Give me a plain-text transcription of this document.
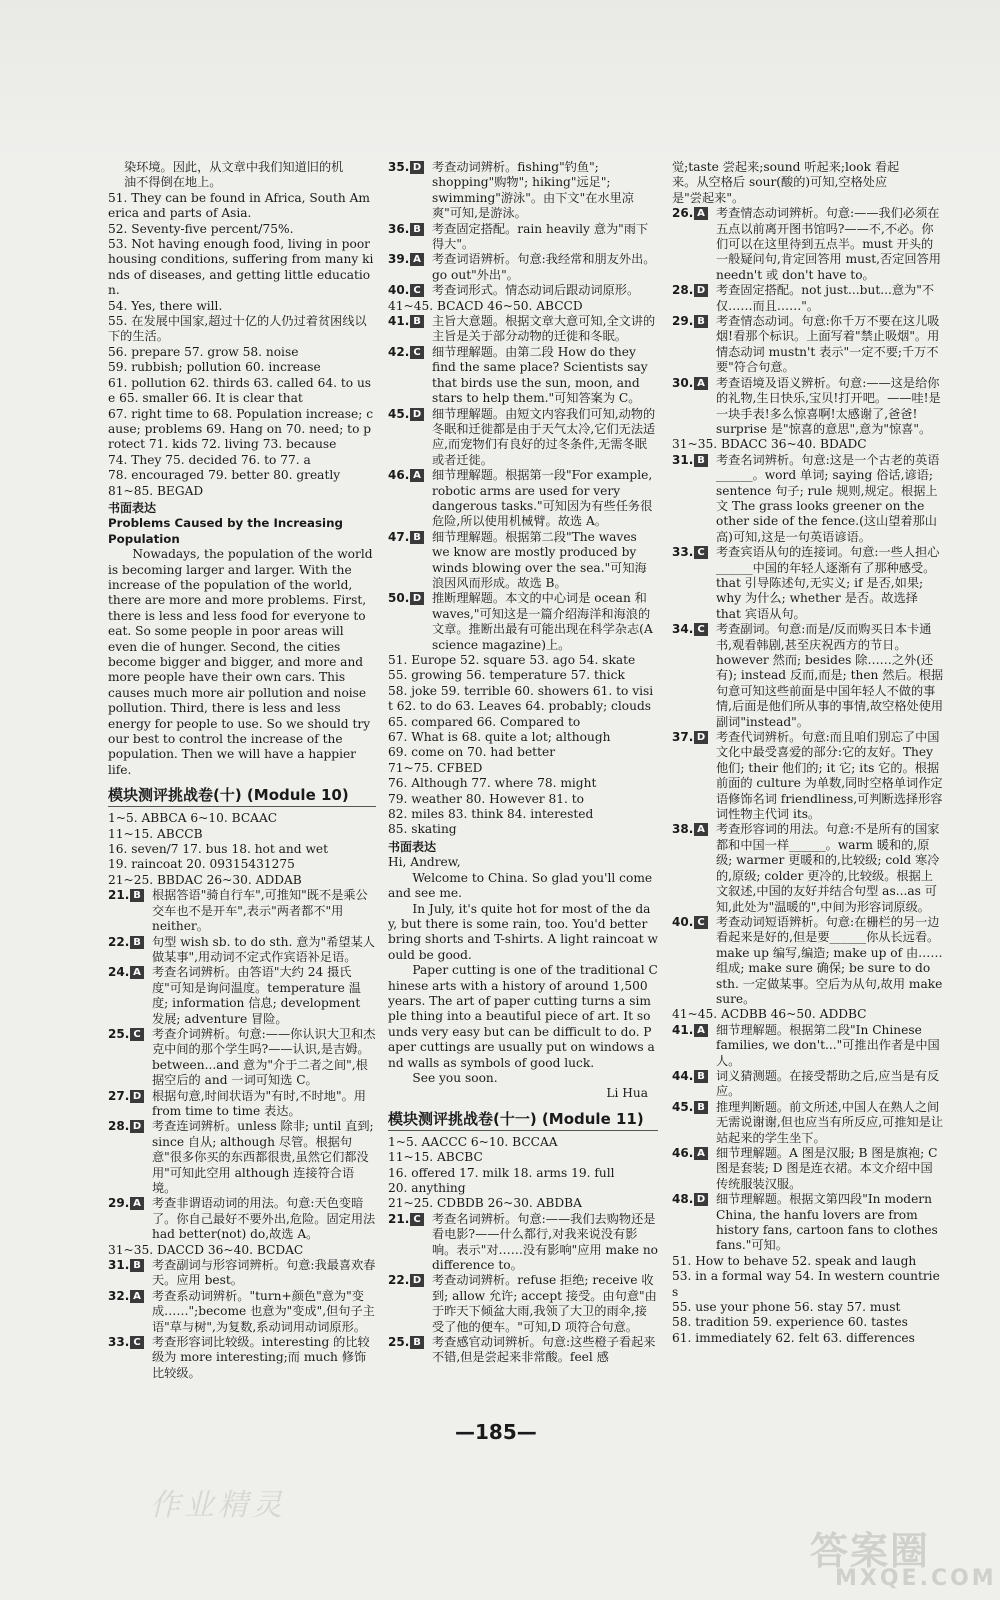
染环境。因此，从文章中我们知道旧的机
油不得倒在地上。
51. They can be found in Africa, South America and parts of Asia.
52. Seventy-five percent/75%.
53. Not having enough food, living in poor housing conditions, suffering from many kinds of diseases, and getting little education.
54. Yes, there will.
55. 在发展中国家,超过十亿的人仍过着贫困线以下的生活。
56. prepare 57. grow 58. noise
59. rubbish; pollution 60. increase
61. pollution 62. thirds 63. called 64. to use 65. smaller 66. It is clear that
67. right time to 68. Population increase; cause; problems 69. Hang on 70. need; to protect 71. kids 72. living 73. because
74. They 75. decided 76. to 77. a
78. encouraged 79. better 80. greatly
81~85. BEGAD
书面表达
Problems Caused by the Increasing Population
Nowadays, the population of the world is becoming larger and larger. With the increase of the population of the world, there are more and more problems. First, there is less and less food for everyone to eat. So some people in poor areas will even die of hunger. Second, the cities become bigger and bigger, and more and more people have their own cars. This causes much more air pollution and noise pollution. Third, there is less and less energy for people to use. So we should try our best to control the increase of the population. Then we will have a happier life.
模块测评挑战卷(十) (Module 10)
1~5. ABBCA 6~10. BCAAC
11~15. ABCCB
16. seven/7 17. bus 18. hot and wet
19. raincoat 20. 09315431275
21~25. BBDAC 26~30. ADDAB
21. B 根据答语"骑自行车",可推知"既不是乘公交车也不是开车",表示"两者都不"用 neither。
22. B 句型 wish sb. to do sth. 意为"希望某人做某事",用动词不定式作宾语补足语。
24. A 考查名词辨析。由答语"大约 24 摄氏度"可知是询问温度。temperature 温度; information 信息; development 发展; adventure 冒险。
25. C 考查介词辨析。句意:——你认识大卫和杰克中间的那个学生吗?——认识,是吉姆。between...and 意为"介于二者之间",根据空后的 and 一词可知选 C。
27. D 根据句意,时间状语为"有时,不时地"。用 from time to time 表达。
28. D 考查连词辨析。unless 除非; until 直到; since 自从; although 尽管。根据句意"很多你买的东西都很贵,虽然它们都没用"可知此空用 although 连接符合语境。
29. A 考查非谓语动词的用法。句意:天色变暗了。你自己最好不要外出,危险。固定用法 had better(not) do,故选 A。
31~35. DACCD 36~40. BCDAC
31. B 考查副词与形容词辨析。句意:我最喜欢春天。应用 best。
32. A 考查系动词辨析。"turn+颜色"意为"变成……";become 也意为"变成",但句子主语"草与树",为复数,系动词用动词原形。
33. C 考查形容词比较级。interesting 的比较级为 more interesting;而 much 修饰比较级。
35. D 考查动词辨析。fishing"钓鱼"; shopping"购物"; hiking"远足"; swimming"游泳"。由下文"在水里凉爽"可知,是游泳。
36. B 考查固定搭配。rain heavily 意为"雨下得大"。
39. A 考查词语辨析。句意:我经常和朋友外出。go out"外出"。
40. C 考查词形式。情态动词后跟动词原形。
41~45. BCACD 46~50. ABCCD
41. B 主旨大意题。根据文章大意可知,全文讲的主旨是关于部分动物的迁徙和冬眠。
42. C 细节理解题。由第二段 How do they find the same place? Scientists say that birds use the sun, moon, and stars to help them."可知答案为 C。
45. D 细节理解题。由短文内容我们可知,动物的冬眠和迁徙都是由于天气太冷,它们无法适应,而宠物们有良好的过冬条件,无需冬眠或者迁徙。
46. A 细节理解题。根据第一段"For example, robotic arms are used for very dangerous tasks."可知因为有些任务很危险,所以使用机械臂。故选 A。
47. B 细节理解题。根据第二段"The waves we know are mostly produced by winds blowing over the sea."可知海浪因风而形成。故选 B。
50. D 推断理解题。本文的中心词是 ocean 和 waves,"可知这是一篇介绍海洋和海浪的文章。推断出最有可能出现在科学杂志(A science magazine)上。
51. Europe 52. square 53. ago 54. skate
55. growing 56. temperature 57. thick
58. joke 59. terrible 60. showers 61. to visit 62. to do 63. Leaves 64. probably; clouds 65. compared 66. Compared to
67. What is 68. quite a lot; although
69. come on 70. had better
71~75. CFBED
76. Although 77. where 78. might
79. weather 80. However 81. to
82. miles 83. think 84. interested
85. skating
书面表达
Hi, Andrew,
Welcome to China. So glad you'll come and see me.
In July, it's quite hot for most of the day, but there is some rain, too. You'd better bring shorts and T-shirts. A light raincoat would be good.
Paper cutting is one of the traditional Chinese arts with a history of around 1,500 years. The art of paper cutting turns a simple thing into a beautiful piece of art. It sounds very easy but can be difficult to do. Paper cuttings are usually put on windows and walls as symbols of good luck.
See you soon.
Li Hua
模块测评挑战卷(十一) (Module 11)
1~5. AACCC 6~10. BCCAA
11~15. ABCBC
16. offered 17. milk 18. arms 19. full
20. anything
21~25. CDBDB 26~30. ABDBA
21. C 考查名词辨析。句意:——我们去购物还是看电影?——什么都行,对我来说没有影响。表示"对……没有影响"应用 make no difference to。
22. D 考查动词辨析。refuse 拒绝; receive 收到; allow 允许; accept 接受。由句意"由于昨天下倾盆大雨,我领了大卫的雨伞,接受了他的便车。"可知,D 项符合句意。
25. B 考查感官动词辨析。句意:这些橙子看起来不错,但是尝起来非常酸。feel 感
觉;taste 尝起来;sound 听起来;look 看起
来。从空格后 sour(酸的)可知,空格处应
是"尝起来"。
26. A 考查情态动词辨析。句意:——我们必须在五点以前离开图书馆吗?——不,不必。你们可以在这里待到五点半。must 开头的一般疑问句,肯定回答用 must,否定回答用 needn't 或 don't have to。
28. D 考查固定搭配。not just...but...意为"不仅……而且……"。
29. B 考查情态动词。句意:你千万不要在这儿吸烟!看那个标识。上面写着"禁止吸烟"。用情态动词 mustn't 表示"一定不要;千万不要"符合句意。
30. A 考查语境及语义辨析。句意:——这是给你的礼物,生日快乐,宝贝!打开吧。——哇!是一块手表!多么惊喜啊!太感谢了,爸爸! surprise 是"惊喜的意思",意为"惊喜"。
31~35. BDACC 36~40. BDADC
31. B 考查名词辨析。句意:这是一个古老的英语______。word 单词; saying 俗话,谚语; sentence 句子; rule 规则,规定。根据上文 The grass looks greener on the other side of the fence.(这山望着那山高)可知,这是一句英语谚语。
33. C 考查宾语从句的连接词。句意:一些人担心______中国的年轻人逐渐有了那种感受。that 引导陈述句,无实义; if 是否,如果; why 为什么; whether 是否。故选择 that 宾语从句。
34. C 考查副词。句意:而是/反而购买日本卡通书,观看韩剧,甚至庆祝西方的节日。however 然而; besides 除……之外(还有); instead 反而,而是; then 然后。根据句意可知这些前面是中国年轻人不做的事情,后面是他们所从事的事情,故空格处使用副词"instead"。
37. D 考查代词辨析。句意:而且咱们别忘了中国文化中最受喜爱的部分:它的友好。They 他们; their 他们的; it 它; its 它的。根据前面的 culture 为单数,同时空格单词作定语修饰名词 friendliness,可判断选择形容词性物主代词 its。
38. A 考查形容词的用法。句意:不是所有的国家都和中国一样______。warm 暖和的,原级; warmer 更暖和的,比较级; cold 寒冷的,原级; colder 更冷的,比较级。根据上文叙述,中国的友好并结合句型 as...as 可知,此处为"温暖的",中间为形容词原级。
40. C 考查动词短语辨析。句意:在栅栏的另一边看起来是好的,但是要______你从长远看。make up 编写,编造; make up of 由……组成; make sure 确保; be sure to do sth. 一定做某事。空后为从句,故用 make sure。
41~45. ACDBB 46~50. ADDBC
41. A 细节理解题。根据第二段"In Chinese families, we don't..."可推出作者是中国人。
44. B 词义猜测题。在接受帮助之后,应当是有反应。
45. B 推理判断题。前文所述,中国人在熟人之间无需说谢谢,但也应当有所反应,可推知是让站起来的学生坐下。
46. A 细节理解题。A 图是汉服; B 图是旗袍; C 图是套装; D 图是连衣裙。本文介绍中国传统服装汉服。
48. D 细节理解题。根据文第四段"In modern China, the hanfu lovers are from history fans, cartoon fans to clothes fans."可知。
51. How to behave 52. speak and laugh
53. in a formal way 54. In western countries
55. use your phone 56. stay 57. must
58. tradition 59. experience 60. tastes
61. immediately 62. felt 63. differences
—185—
作业精灵
答案圈
MXQE.COM
